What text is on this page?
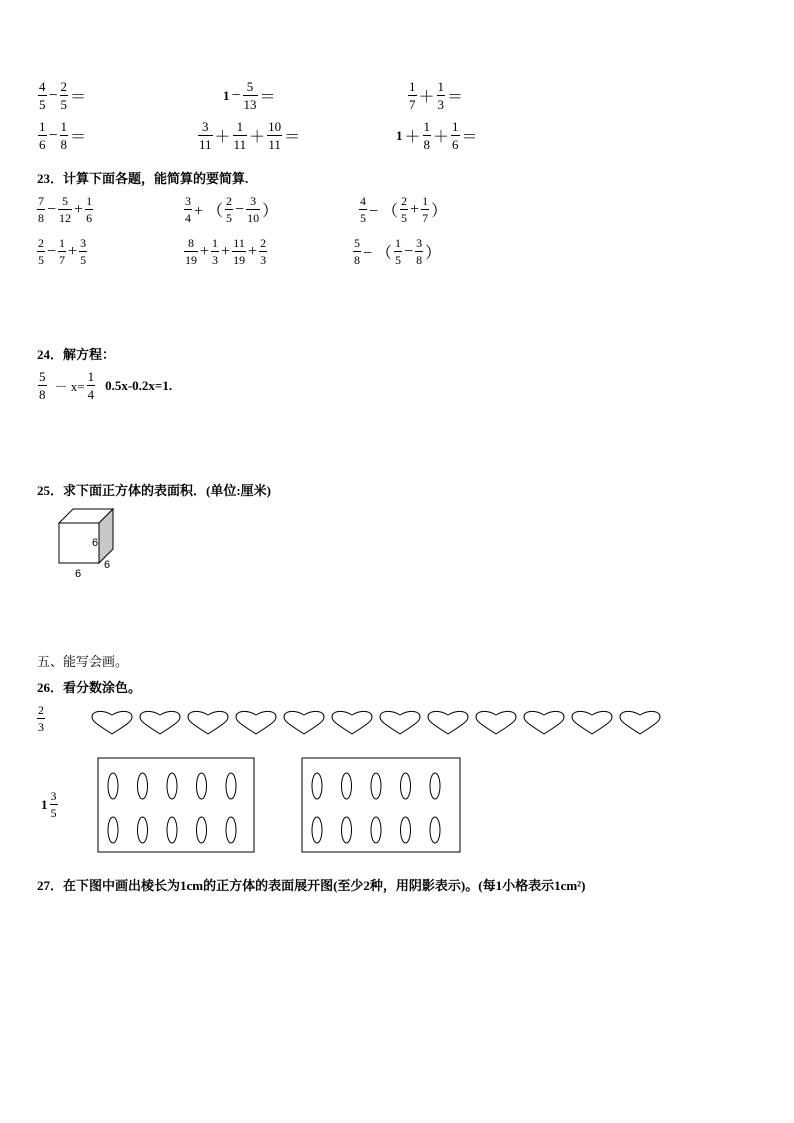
4
5
− 2
5 ＝	1 − 5
13 ＝
1
7 ＋
1
3 ＝
1
6
− 1
8 ＝
3
11 ＋
1
11 ＋
10
11 ＝	1 ＋
1
8 ＋
1
6 ＝
23．计算下面各题，能简算的要简算.
7
8
− 5
12
+ 1
6
3
4 + （
2
5
− 3
10 ）
4
5 − （
2
5
+ 1
7 ）
2
5
− 1
7
+ 3
5
8
19
+ 1
3
+ 11
19
+ 2
3
5
8 − （
1
5
− 3
8 ）
24．解方程：
5
8
－ x=
1
4
0.5x-0.2x=1.
25．求下面正方体的表面积．(单位:厘米)
6
6
6
五、能写会画。
26．看分数涂色。
2
3
1
3
5
27．在下图中画出棱长为1cm的正方体的表面展开图(至少2种，用阴影表示)。(每1小格表示1cm²)
